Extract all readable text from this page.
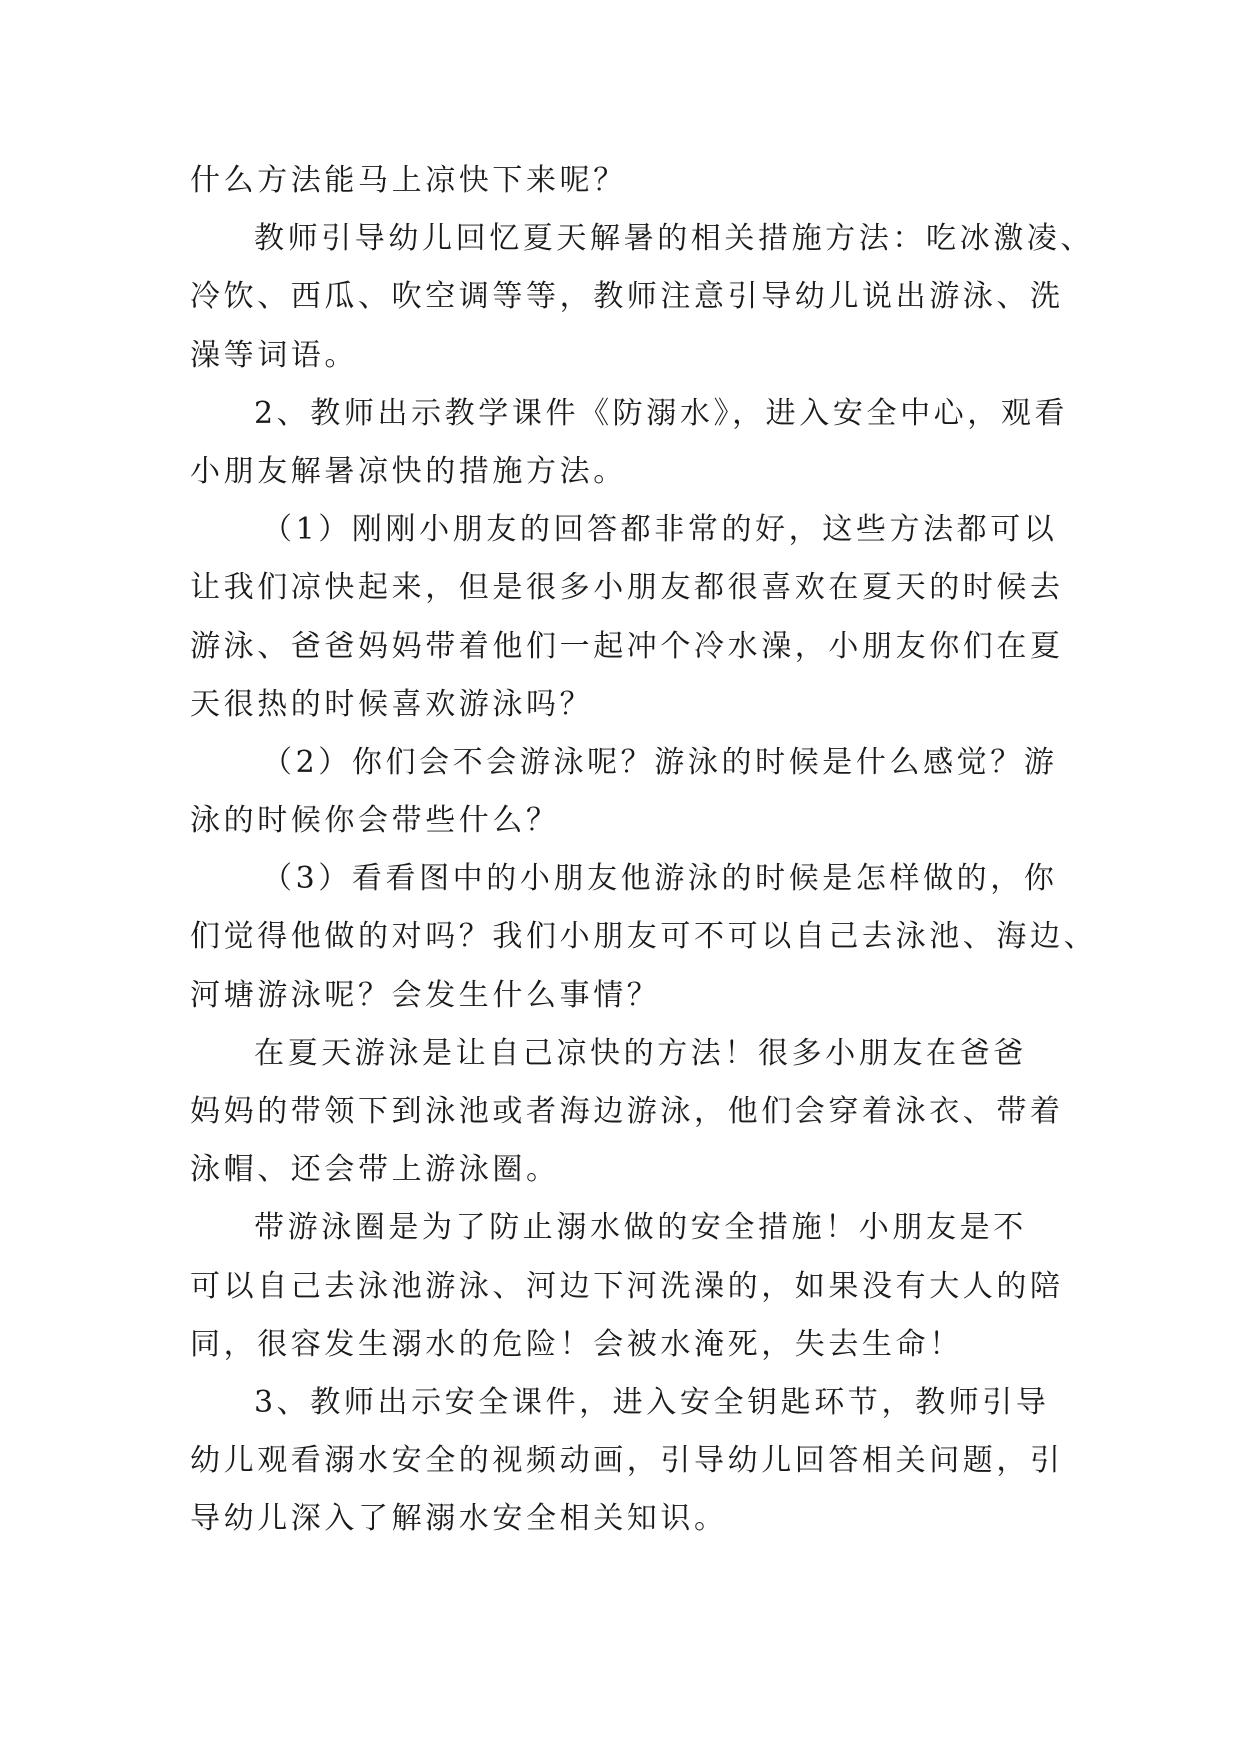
什么方法能马上凉快下来呢？
教师引导幼儿回忆夏天解暑的相关措施方法：吃冰激凌、
冷饮、西瓜、吹空调等等，教师注意引导幼儿说出游泳、洗
澡等词语。
2、教师出示教学课件《防溺水》，进入安全中心，观看
小朋友解暑凉快的措施方法。
（1）刚刚小朋友的回答都非常的好，这些方法都可以
让我们凉快起来，但是很多小朋友都很喜欢在夏天的时候去
游泳、爸爸妈妈带着他们一起冲个冷水澡，小朋友你们在夏
天很热的时候喜欢游泳吗？
（2）你们会不会游泳呢？游泳的时候是什么感觉？游
泳的时候你会带些什么？
（3）看看图中的小朋友他游泳的时候是怎样做的，你
们觉得他做的对吗？我们小朋友可不可以自己去泳池、海边、
河塘游泳呢？会发生什么事情？
在夏天游泳是让自己凉快的方法！很多小朋友在爸爸
妈妈的带领下到泳池或者海边游泳，他们会穿着泳衣、带着
泳帽、还会带上游泳圈。
带游泳圈是为了防止溺水做的安全措施！小朋友是不
可以自己去泳池游泳、河边下河洗澡的，如果没有大人的陪
同，很容发生溺水的危险！会被水淹死，失去生命！
3、教师出示安全课件，进入安全钥匙环节，教师引导
幼儿观看溺水安全的视频动画，引导幼儿回答相关问题，引
导幼儿深入了解溺水安全相关知识。
